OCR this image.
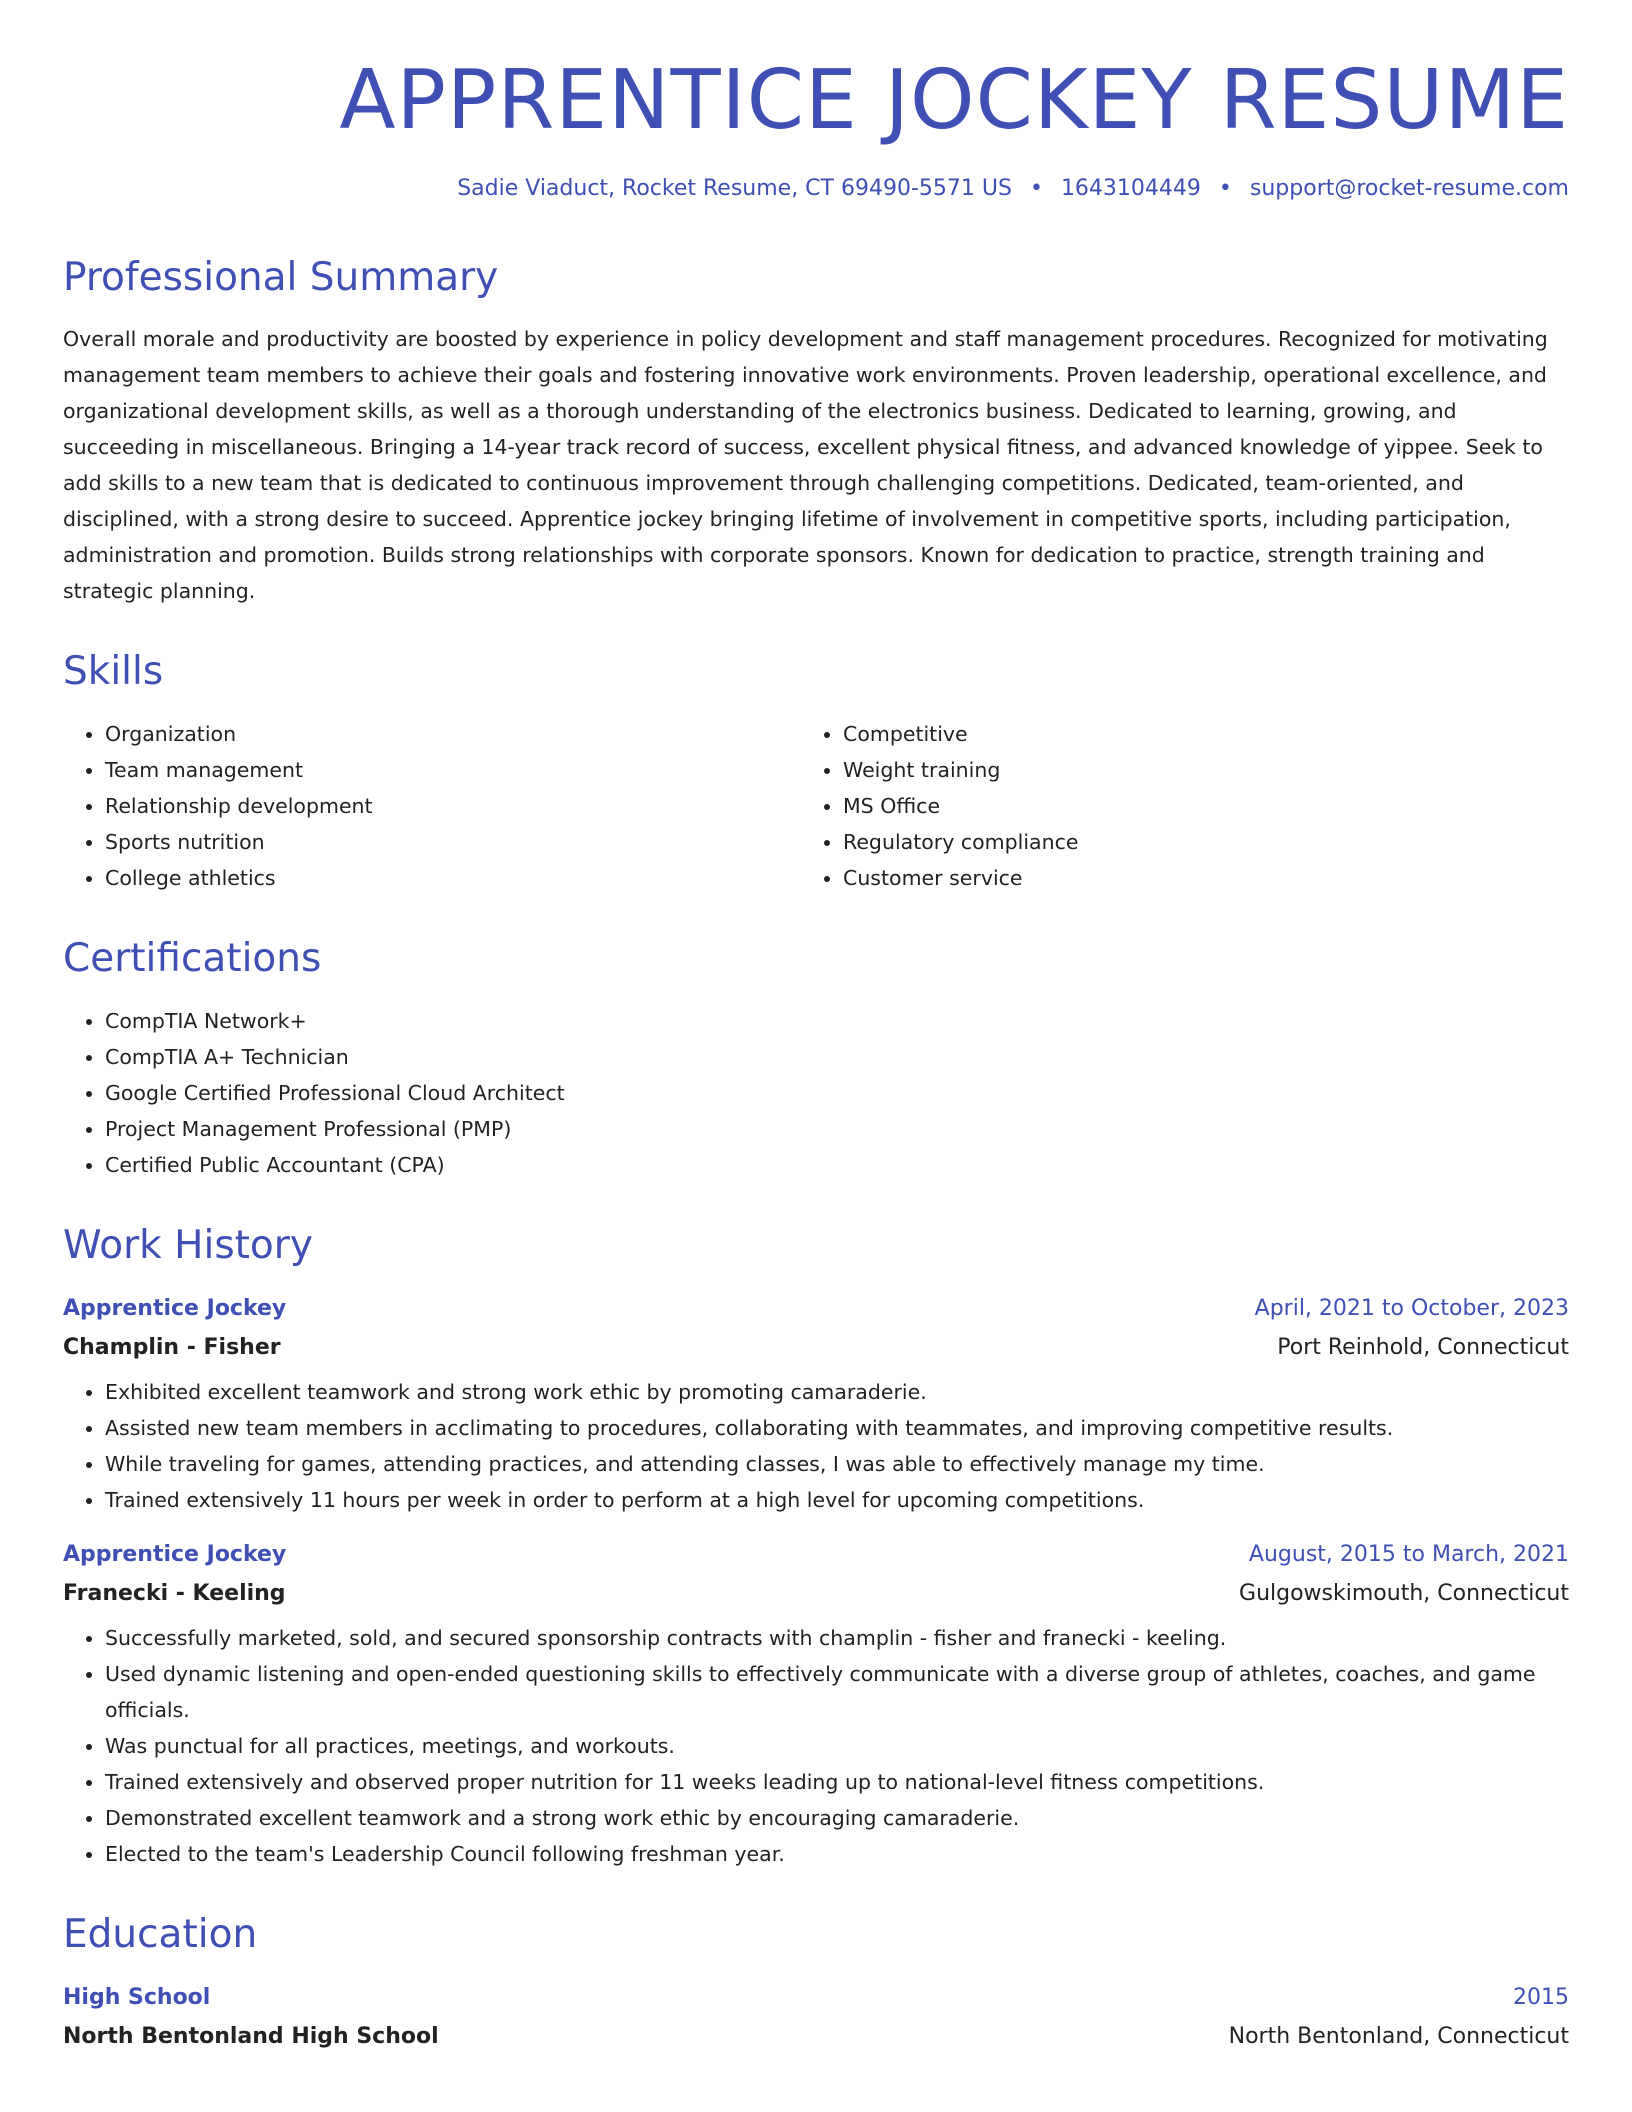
APPRENTICE JOCKEY RESUME
Sadie Viaduct, Rocket Resume, CT 69490-5571 US • 1643104449 • support@rocket-resume.com
Professional Summary

Overall morale and productivity are boosted by experience in policy development and staff management procedures. Recognized for motivating management team members to achieve their goals and fostering innovative work environments. Proven leadership, operational excellence, and organizational development skills, as well as a thorough understanding of the electronics business. Dedicated to learning, growing, and succeeding in miscellaneous. Bringing a 14-year track record of success, excellent physical fitness, and advanced knowledge of yippee. Seek to add skills to a new team that is dedicated to continuous improvement through challenging competitions. Dedicated, team-oriented, and disciplined, with a strong desire to succeed. Apprentice jockey bringing lifetime of involvement in competitive sports, including participation, administration and promotion. Builds strong relationships with corporate sponsors. Known for dedication to practice, strength training and strategic planning.

Skills
• Organization
• Team management
• Relationship development
• Sports nutrition
• College athletics
• Competitive
• Weight training
• MS Office
• Regulatory compliance
• Customer service
Certifications
• CompTIA Network+
• CompTIA A+ Technician
• Google Certified Professional Cloud Architect
• Project Management Professional (PMP)
• Certified Public Accountant (CPA)
Work History
Apprentice Jockey	April, 2021 to October, 2023
Champlin - Fisher	Port Reinhold, Connecticut
• Exhibited excellent teamwork and strong work ethic by promoting camaraderie.
• Assisted new team members in acclimating to procedures, collaborating with teammates, and improving competitive results.
• While traveling for games, attending practices, and attending classes, I was able to effectively manage my time.
• Trained extensively 11 hours per week in order to perform at a high level for upcoming competitions.
Apprentice Jockey	August, 2015 to March, 2021
Franecki - Keeling	Gulgowskimouth, Connecticut
• Successfully marketed, sold, and secured sponsorship contracts with champlin - fisher and franecki - keeling.
• Used dynamic listening and open-ended questioning skills to effectively communicate with a diverse group of athletes, coaches, and game officials.
• Was punctual for all practices, meetings, and workouts.
• Trained extensively and observed proper nutrition for 11 weeks leading up to national-level fitness competitions.
• Demonstrated excellent teamwork and a strong work ethic by encouraging camaraderie.
• Elected to the team's Leadership Council following freshman year.
Education
High School	2015
North Bentonland High School	North Bentonland, Connecticut
